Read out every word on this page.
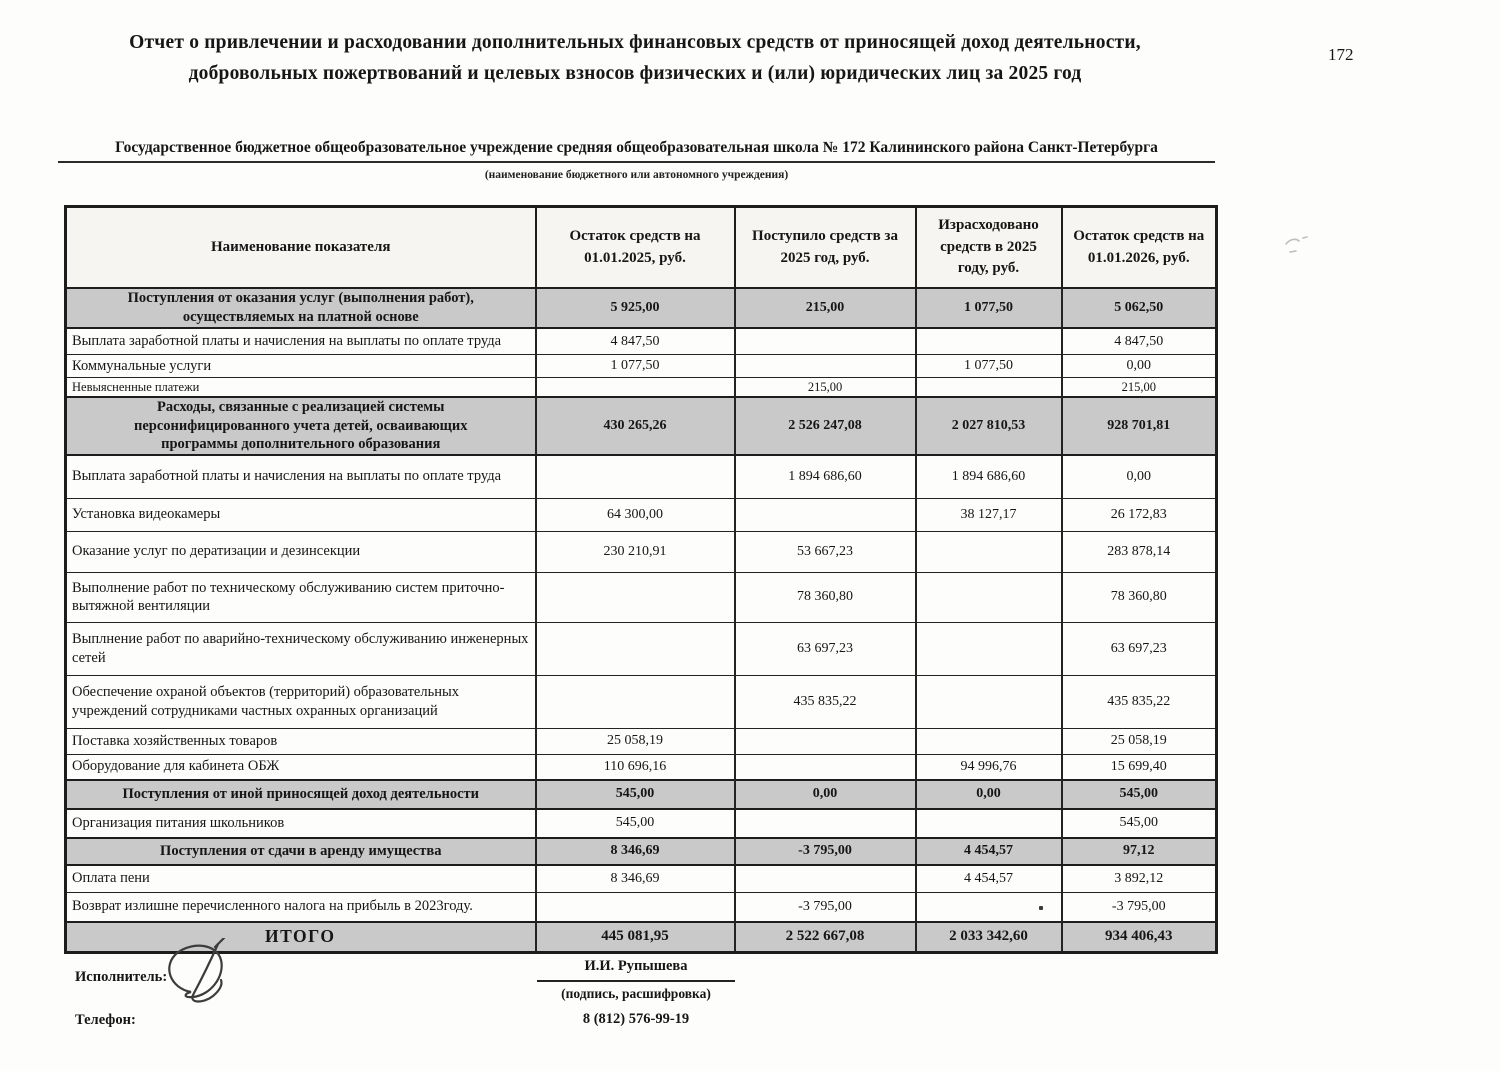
Отчет о привлечении и расходовании дополнительных финансовых средств от приносящей доход деятельности,
добровольных пожертвований и целевых взносов физических и (или) юридических лиц за 2025 год
172
Государственное бюджетное общеобразовательное учреждение средняя общеобразовательная школа № 172 Калининского района Санкт-Петербурга
(наименование бюджетного или автономного учреждения)
Наименование показателя	Остаток средств на 01.01.2025, руб.	Поступило средств за 2025 год, руб.	Израсходовано средств в 2025 году, руб.	Остаток средств на 01.01.2026, руб.
Поступления от оказания услуг (выполнения работ), осуществляемых на платной основе	5 925,00	215,00	1 077,50	5 062,50
Выплата заработной платы и начисления на выплаты по оплате труда	4 847,50			4 847,50
Коммунальные услуги	1 077,50		1 077,50	0,00
Невыясненные платежи		215,00		215,00
Расходы, связанные с реализацией системы персонифицированного учета детей, осваивающих программы дополнительного образования	430 265,26	2 526 247,08	2 027 810,53	928 701,81
Выплата заработной платы и начисления на выплаты по оплате труда		1 894 686,60	1 894 686,60	0,00
Установка видеокамеры	64 300,00		38 127,17	26 172,83
Оказание услуг по дератизации и дезинсекции	230 210,91	53 667,23		283 878,14
Выполнение работ по техническому обслуживанию систем приточно-вытяжной вентиляции		78 360,80		78 360,80
Выплнение работ по аварийно-техническому обслуживанию инженерных сетей		63 697,23		63 697,23
Обеспечение охраной объектов (территорий) образовательных учреждений сотрудниками частных охранных организаций		435 835,22		435 835,22
Поставка хозяйственных товаров	25 058,19			25 058,19
Оборудование для кабинета ОБЖ	110 696,16		94 996,76	15 699,40
Поступления от иной приносящей доход деятельности	545,00	0,00	0,00	545,00
Организация питания школьников	545,00			545,00
Поступления от сдачи в аренду имущества	8 346,69	-3 795,00	4 454,57	97,12
Оплата пени	8 346,69		4 454,57	3 892,12
Возврат излишне перечисленного налога на прибыль в 2023году.		-3 795,00		-3 795,00
ИТОГО	445 081,95	2 522 667,08	2 033 342,60	934 406,43
Исполнитель:
И.И. Рупышева
(подпись, расшифровка)
Телефон:	8 (812) 576-99-19
